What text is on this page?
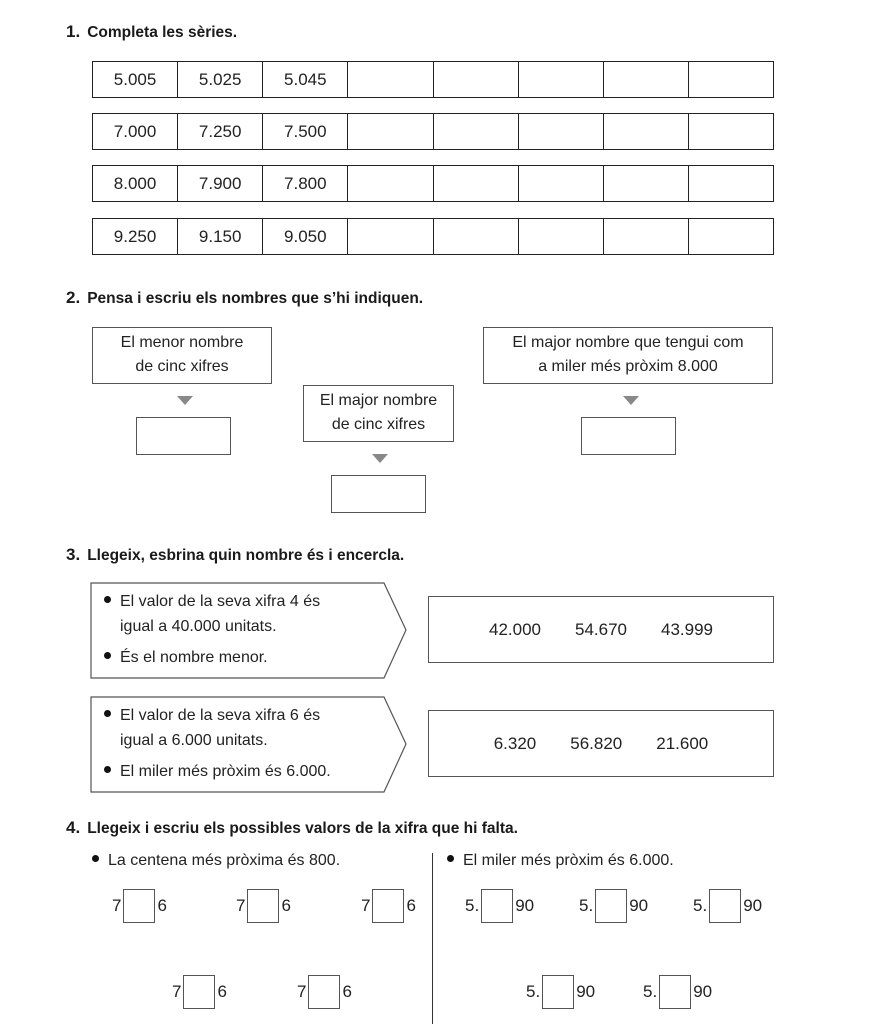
1. Completa les sèries.
5.005	5.025	5.045
7.000	7.250	7.500
8.000	7.900	7.800
9.250	9.150	9.050
2. Pensa i escriu els nombres que s’hi indiquen.
El menor nombre
de cinc xifres
El major nombre
de cinc xifres
El major nombre que tengui com
a miler més pròxim 8.000
3. Llegeix, esbrina quin nombre és i encercla.
El valor de la seva xifra 4 és
igual a 40.000 unitats.
És el nombre menor.
42.000 54.670 43.999
El valor de la seva xifra 6 és
igual a 6.000 unitats.
El miler més pròxim és 6.000.
6.320 56.820 21.600
4. Llegeix i escriu els possibles valors de la xifra que hi falta.
La centena més pròxima és 800.	El miler més pròxim és 6.000.
7 6	7 6	7 6
7 6	7 6
5. 90	5. 90	5. 90
5. 90	5. 90
